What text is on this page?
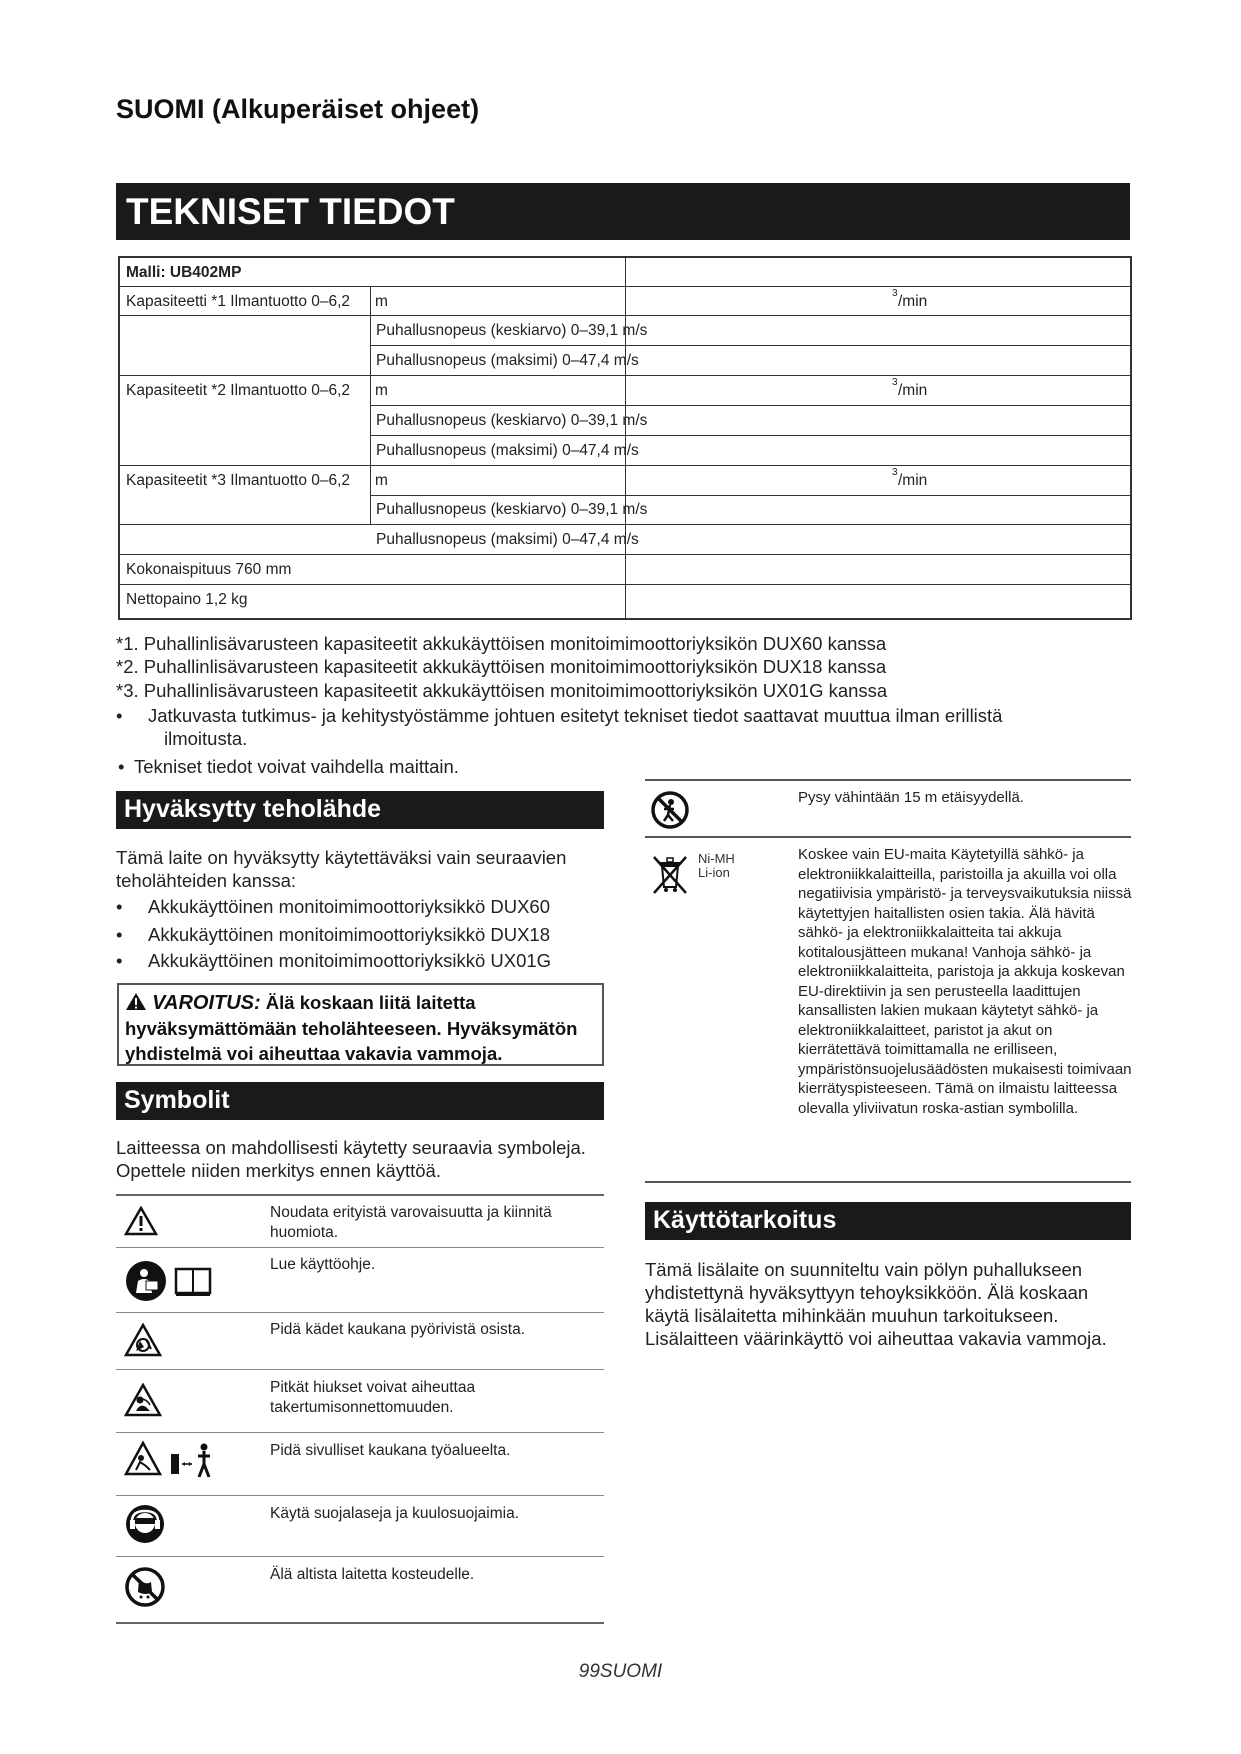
SUOMI (Alkuperäiset ohjeet)
TEKNISET TIEDOT
Malli: UB402MP
Kapasiteetti *1 Ilmantuotto 0–6,2 m	3 /min
Puhallusnopeus (keskiarvo) 0–39,1 m/s
Puhallusnopeus (maksimi) 0–47,4 m/s
Kapasiteetit *2 Ilmantuotto 0–6,2 m	3 /min
Puhallusnopeus (keskiarvo) 0–39,1 m/s
Puhallusnopeus (maksimi) 0–47,4 m/s
Kapasiteetit *3 Ilmantuotto 0–6,2 m	3 /min
Puhallusnopeus (keskiarvo) 0–39,1 m/s
Puhallusnopeus (maksimi) 0–47,4 m/s
Kokonaispituus 760 mm
Nettopaino 1,2 kg
*1. Puhallinlisävarusteen kapasiteetit akkukäyttöisen monitoimimoottoriyksikön DUX60 kanssa
*2. Puhallinlisävarusteen kapasiteetit akkukäyttöisen monitoimimoottoriyksikön DUX18 kanssa
*3. Puhallinlisävarusteen kapasiteetit akkukäyttöisen monitoimimoottoriyksikön UX01G kanssa
• Jatkuvasta tutkimus- ja kehitystyöstämme johtuen esitetyt tekniset tiedot saattavat muuttua ilman erillistä
ilmoitusta.
• Tekniset tiedot voivat vaihdella maittain.
Hyväksytty teholähde
Tämä laite on hyväksytty käytettäväksi vain seuraavien teholähteiden kanssa:
• Akkukäyttöinen monitoimimoottoriyksikkö DUX60
• Akkukäyttöinen monitoimimoottoriyksikkö DUX18
• Akkukäyttöinen monitoimimoottoriyksikkö UX01G
VAROITUS: Älä koskaan liitä laitetta hyväksymättömään teholähteeseen. Hyväksymätön yhdistelmä voi aiheuttaa vakavia vammoja.
Symbolit
Laitteessa on mahdollisesti käytetty seuraavia symboleja. Opettele niiden merkitys ennen käyttöä.
Noudata erityistä varovaisuutta ja kiinnitä huomiota.
Lue käyttöohje.
Pidä kädet kaukana pyörivistä osista.
Pitkät hiukset voivat aiheuttaa takertumisonnettomuuden.
Pidä sivulliset kaukana työalueelta.
Käytä suojalaseja ja kuulosuojaimia.
Älä altista laitetta kosteudelle.
Pysy vähintään 15 m etäisyydellä.
Ni-MH
Li-ion
Koskee vain EU-maita Käytetyillä sähkö- ja elektroniikkalaitteilla, paristoilla ja akuilla voi olla negatiivisia ympäristö- ja terveysvaikutuksia niissä käytettyjen haitallisten osien takia. Älä hävitä sähkö- ja elektroniikkalaitteita tai akkuja kotitalousjätteen mukana! Vanhoja sähkö- ja elektroniikkalaitteita, paristoja ja akkuja koskevan EU-direktiivin ja sen perusteella laadittujen kansallisten lakien mukaan käytetyt sähkö- ja elektroniikkalaitteet, paristot ja akut on kierrätettävä toimittamalla ne erilliseen, ympäristönsuojelusäädösten mukaisesti toimivaan kierrätyspisteeseen. Tämä on ilmaistu laitteessa olevalla yliviivatun roska-astian symbolilla.
Käyttötarkoitus
Tämä lisälaite on suunniteltu vain pölyn puhallukseen yhdistettynä hyväksyttyyn tehoyksikköön. Älä koskaan käytä lisälaitetta mihinkään muuhun tarkoitukseen. Lisälaitteen väärinkäyttö voi aiheuttaa vakavia vammoja.
99SUOMI
